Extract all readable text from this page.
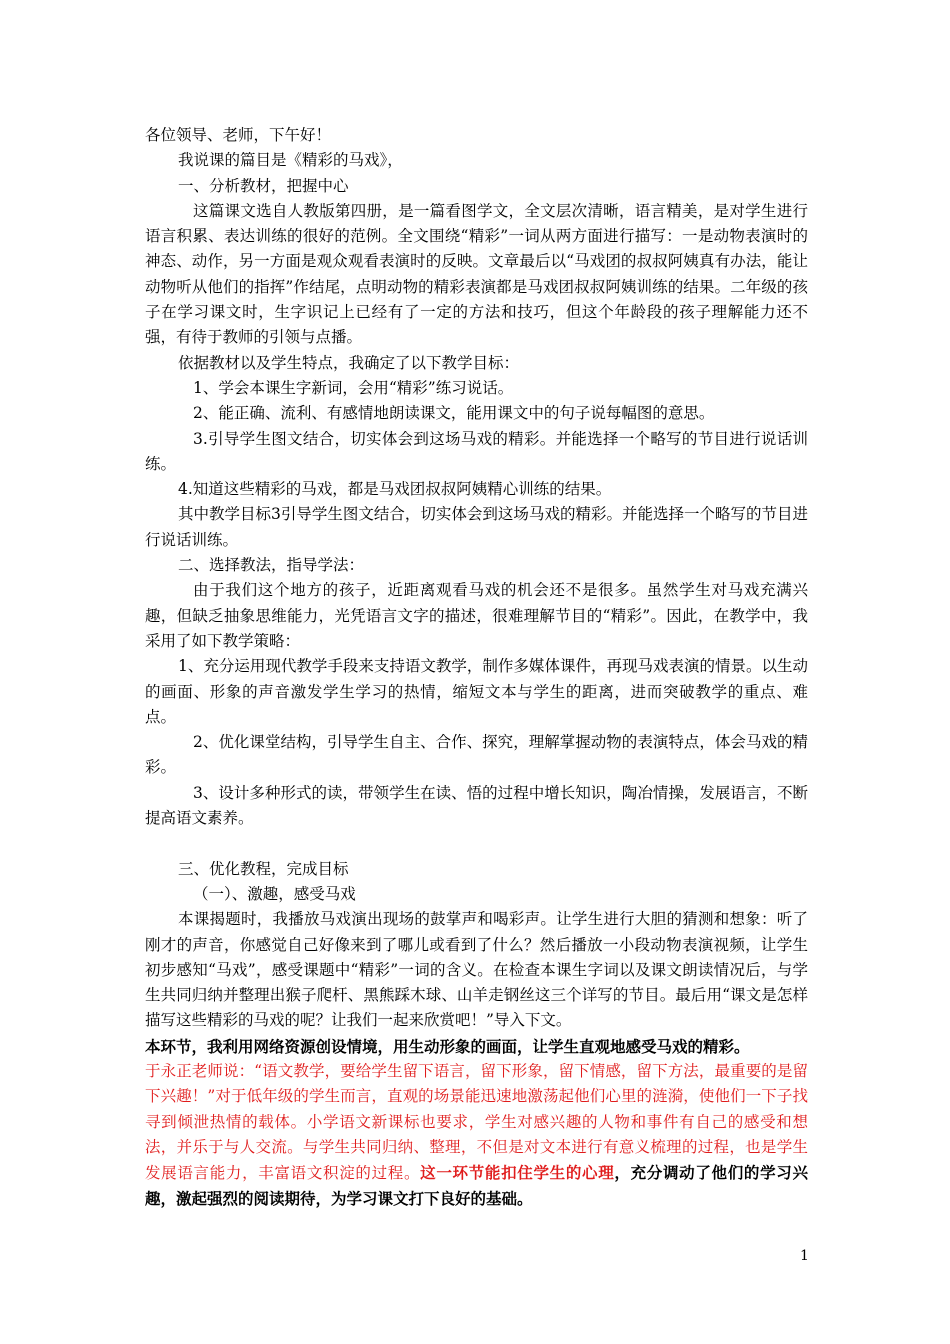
各位领导、老师，下午好！

我说课的篇目是《精彩的马戏》，

一、分析教材，把握中心

这篇课文选自人教版第四册，是一篇看图学文，全文层次清晰，语言精美，是对学生进行语言积累、表达训练的很好的范例。全文围绕“精彩”一词从两方面进行描写：一是动物表演时的神态、动作，另一方面是观众观看表演时的反映。文章最后以“马戏团的叔叔阿姨真有办法，能让动物听从他们的指挥”作结尾，点明动物的精彩表演都是马戏团叔叔阿姨训练的结果。二年级的孩子在学习课文时，生字识记上已经有了一定的方法和技巧，但这个年龄段的孩子理解能力还不强，有待于教师的引领与点播。

依据教材以及学生特点，我确定了以下教学目标：

1、学会本课生字新词，会用“精彩”练习说话。

2、能正确、流利、有感情地朗读课文，能用课文中的句子说每幅图的意思。

3.引导学生图文结合，切实体会到这场马戏的精彩。并能选择一个略写的节目进行说话训练。

4.知道这些精彩的马戏，都是马戏团叔叔阿姨精心训练的结果。

其中教学目标3引导学生图文结合，切实体会到这场马戏的精彩。并能选择一个略写的节目进行说话训练。

二、选择教法，指导学法：

由于我们这个地方的孩子，近距离观看马戏的机会还不是很多。虽然学生对马戏充满兴趣，但缺乏抽象思维能力，光凭语言文字的描述，很难理解节目的“精彩”。因此，在教学中，我采用了如下教学策略：

1、充分运用现代教学手段来支持语文教学，制作多媒体课件，再现马戏表演的情景。以生动的画面、形象的声音激发学生学习的热情，缩短文本与学生的距离，进而突破教学的重点、难点。

2、优化课堂结构，引导学生自主、合作、探究，理解掌握动物的表演特点，体会马戏的精彩。

3、设计多种形式的读，带领学生在读、悟的过程中增长知识，陶冶情操，发展语言，不断提高语文素养。

三、优化教程，完成目标

（一）、激趣，感受马戏

本课揭题时，我播放马戏演出现场的鼓掌声和喝彩声。让学生进行大胆的猜测和想象：听了刚才的声音，你感觉自己好像来到了哪儿或看到了什么？然后播放一小段动物表演视频，让学生初步感知“马戏”，感受课题中“精彩”一词的含义。在检查本课生字词以及课文朗读情况后，与学生共同归纳并整理出猴子爬杆、黑熊踩木球、山羊走钢丝这三个详写的节目。最后用“课文是怎样描写这些精彩的马戏的呢？让我们一起来欣赏吧！”导入下文。

本环节，我利用网络资源创设情境，用生动形象的画面，让学生直观地感受马戏的精彩。

于永正老师说：“语文教学，要给学生留下语言，留下形象，留下情感，留下方法，最重要的是留下兴趣！”对于低年级的学生而言，直观的场景能迅速地激荡起他们心里的涟漪，使他们一下子找寻到倾泄热情的载体。小学语文新课标也要求，学生对感兴趣的人物和事件有自己的感受和想法，并乐于与人交流。与学生共同归纳、整理，不但是对文本进行有意义梳理的过程，也是学生发展语言能力，丰富语文积淀的过程。这一环节能扣住学生的心理，充分调动了他们的学习兴趣，激起强烈的阅读期待，为学习课文打下良好的基础。

1
